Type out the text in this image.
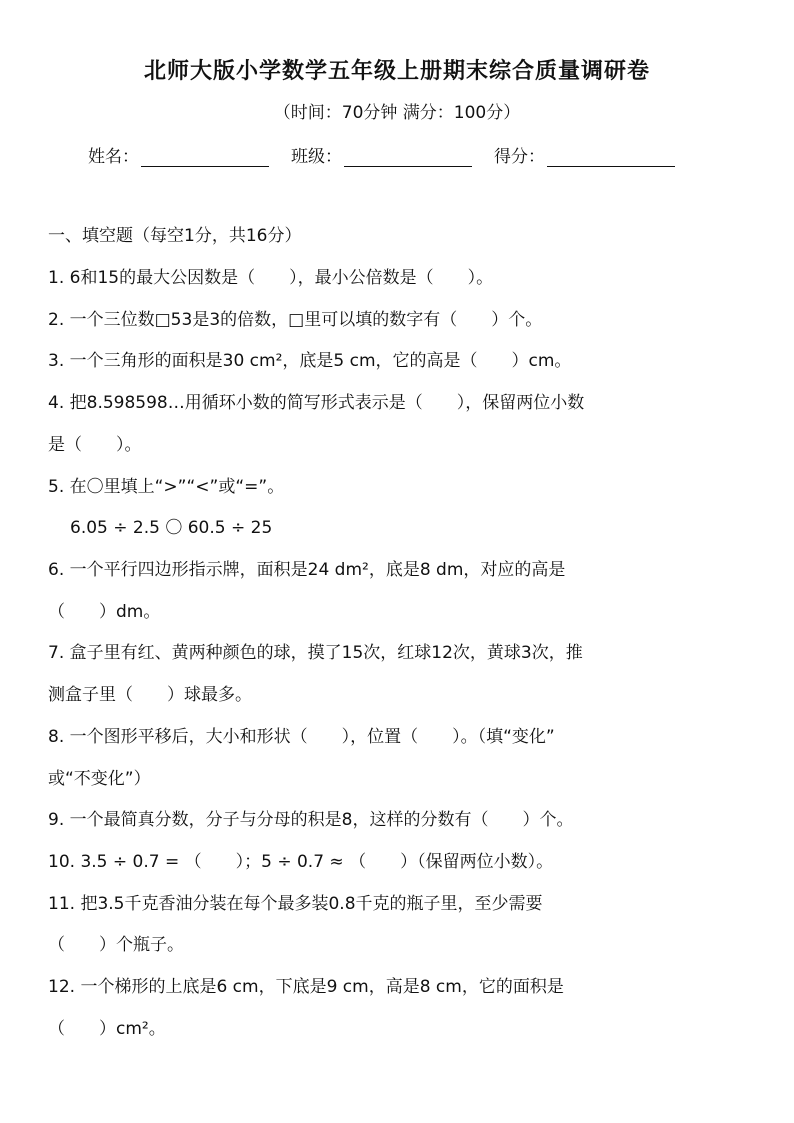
北师大版小学数学五年级上册期末综合质量调研卷
（时间：70分钟 满分：100分）
姓名：	班级：	得分：
一、填空题（每空1分，共16分）
1. 6和15的最大公因数是（　　），最小公倍数是（　　）。
2. 一个三位数□53是3的倍数，□里可以填的数字有（　　）个。
3. 一个三角形的面积是30 cm²，底是5 cm，它的高是（　　）cm。
4. 把8.598598…用循环小数的简写形式表示是（　　），保留两位小数
是（　　）。
5. 在〇里填上“>”“<”或“=”。
6.05 ÷ 2.5 〇 60.5 ÷ 25
6. 一个平行四边形指示牌，面积是24 dm²，底是8 dm，对应的高是
（　　）dm。
7. 盒子里有红、黄两种颜色的球，摸了15次，红球12次，黄球3次，推
测盒子里（　　）球最多。
8. 一个图形平移后，大小和形状（　　），位置（　　）。（填“变化”
或“不变化”）
9. 一个最简真分数，分子与分母的积是8，这样的分数有（　　）个。
10. 3.5 ÷ 0.7 = （　　）；5 ÷ 0.7 ≈ （　　）（保留两位小数）。
11. 把3.5千克香油分装在每个最多装0.8千克的瓶子里，至少需要
（　　）个瓶子。
12. 一个梯形的上底是6 cm，下底是9 cm，高是8 cm，它的面积是
（　　）cm²。
